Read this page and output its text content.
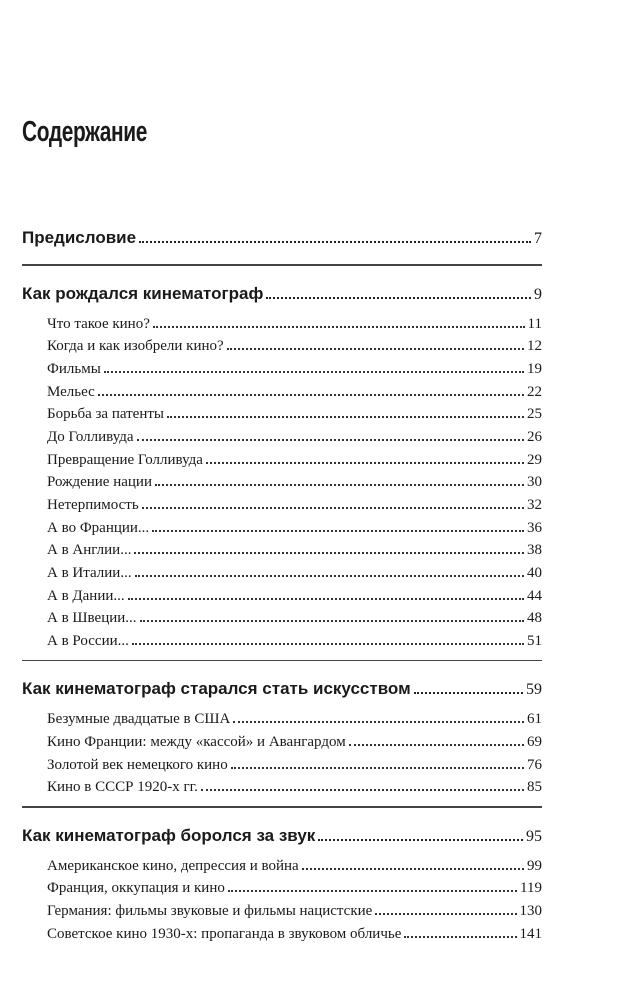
Содержание
Предисловие	7
Как рождался кинематограф	9
Что такое кино?	11
Когда и как изобрели кино?	12
Фильмы	19
Мельес	22
Борьба за патенты	25
До Голливуда	26
Превращение Голливуда	29
Рождение нации	30
Нетерпимость	32
А во Франции...	36
А в Англии...	38
А в Италии...	40
А в Дании...	44
А в Швеции...	48
А в России...	51
Как кинематограф старался стать искусством	59
Безумные двадцатые в США	61
Кино Франции: между «кассой» и Авангардом	69
Золотой век немецкого кино	76
Кино в СССР 1920-х гг.	85
Как кинематограф боролся за звук	95
Американское кино, депрессия и война	99
Франция, оккупация и кино	119
Германия: фильмы звуковые и фильмы нацистские	130
Советское кино 1930-х: пропаганда в звуковом обличье	141
